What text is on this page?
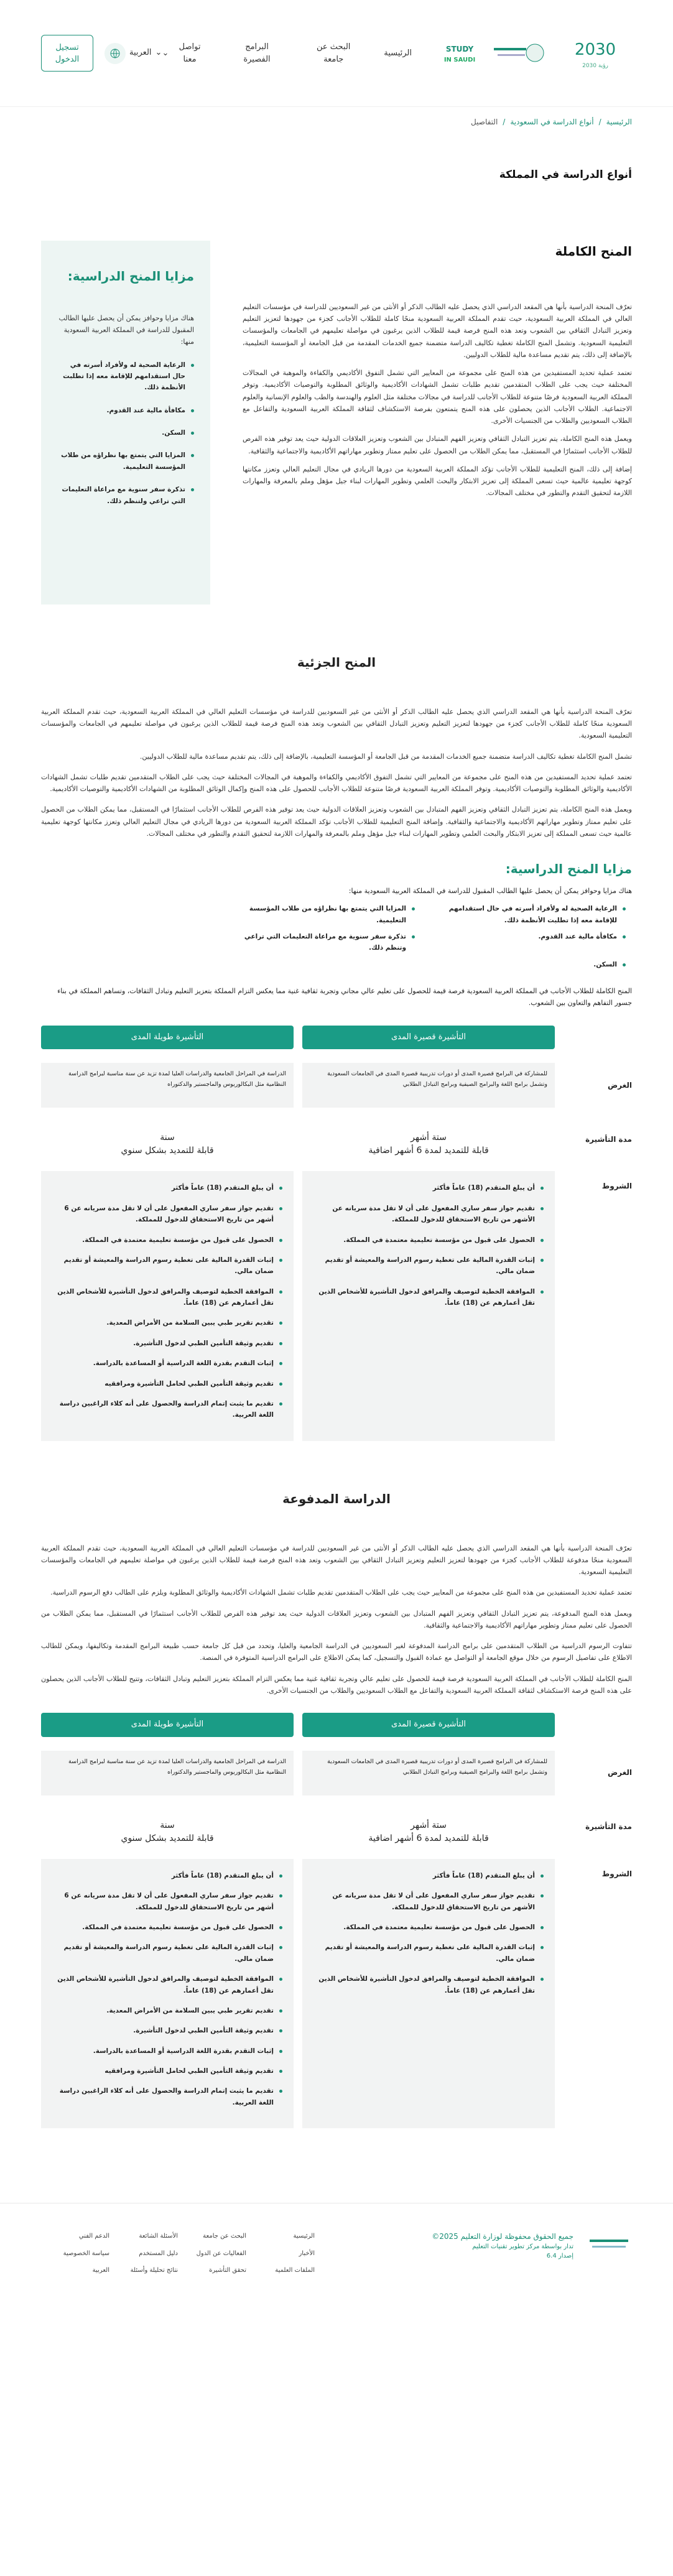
2030
رؤية 2030
STUDY
IN SAUDI
الرئيسية
البحث عن جامعة
البرامج الفصيرة
تواصل معنا
⌄
⌄
العربية
تسجيل الدخول
الرئيسية
/
أنواع الدراسة في السعودية
/
التفاصيل
أنواع الدراسة في المملكة
المنح الكاملة

تعرّف المنحة الدراسية بأنها هي المقعد الدراسي الذي يحصل عليه الطالب الذكر أو الأنثى من غير السعوديين للدراسة في مؤسسات التعليم العالي في المملكة العربية السعودية، حيث تقدم المملكة العربية السعودية منحًا كاملة للطلاب الأجانب كجزء من جهودها لتعزيز التعليم وتعزيز التبادل الثقافي بين الشعوب وتعد هذه المنح فرصة قيمة للطلاب الذين يرغبون في مواصلة تعليمهم في الجامعات والمؤسسات التعليمية السعودية. وتشمل المنح الكاملة تغطية تكاليف الدراسة متضمنة جميع الخدمات المقدمة من قبل الجامعة أو المؤسسة التعليمية، بالإضافة إلى ذلك، يتم تقديم مساعدة مالية للطلاب الدوليين.

تعتمد عملية تحديد المستفيدين من هذه المنح على مجموعة من المعايير التي تشمل التفوق الأكاديمي والكفاءة والموهبة في المجالات المختلفة حيث يجب على الطلاب المتقدمين تقديم طلبات تشمل الشهادات الأكاديمية والوثائق المطلوبة والتوصيات الأكاديمية. وتوفر المملكة العربية السعودية فرصًا متنوعة للطلاب الأجانب للدراسة في مجالات مختلفة مثل العلوم والهندسة والطب والعلوم الإنسانية والعلوم الاجتماعية. الطلاب الأجانب الذين يحصلون على هذه المنح يتمتعون بفرصة الاستكشاف لثقافة المملكة العربية السعودية والتفاعل مع الطلاب السعوديين والطلاب من الجنسيات الأخرى.

ويعمل هذه المنح الكاملة، يتم تعزيز التبادل الثقافي وتعزيز الفهم المتبادل بين الشعوب وتعزيز العلاقات الدولية حيث يعد توفير هذه الفرص للطلاب الأجانب استثمارًا في المستقبل، مما يمكن الطلاب من الحصول على تعليم ممتاز وتطوير مهاراتهم الأكاديمية والاجتماعية والثقافية.

إضافة إلى ذلك، المنح التعليمية للطلاب الأجانب تؤكد المملكة العربية السعودية من دورها الريادي في مجال التعليم العالي وتعزز مكانتها كوجهة تعليمية عالمية حيث تسعى المملكة إلى تعزيز الابتكار والبحث العلمي وتطوير المهارات لبناء جيل مؤهل وملم بالمعرفة والمهارات اللازمة لتحقيق التقدم والتطور في مختلف المجالات.

مزايا المنح الدراسية:

هناك مزايا وحوافز يمكن أن يحصل عليها الطالب المقبول للدراسة في المملكة العربية السعودية منها:

الرعاية الصحية له ولأفراد أسرته في حال استقدامهم للإقامة معه إذا تطلبت الأنظمة ذلك.
مكافأة مالية عند القدوم.
السكن.
المزايا التي يتمتع بها نظراؤه من طلاب المؤسسة التعليمية.
تذكرة سفر سنوية مع مراعاة التعليمات التي تراعي ولتنظم ذلك.
المنح الجزئية

تعرّف المنحة الدراسية بأنها هي المقعد الدراسي الذي يحصل عليه الطالب الذكر أو الأنثى من غير السعوديين للدراسة في مؤسسات التعليم العالي في المملكة العربية السعودية، حيث تقدم المملكة العربية السعودية منحًا كاملة للطلاب الأجانب كجزء من جهودها لتعزيز التعليم وتعزيز التبادل الثقافي بين الشعوب وتعد هذه المنح فرصة قيمة للطلاب الذين يرغبون في مواصلة تعليمهم في الجامعات والمؤسسات التعليمية السعودية.

تشمل المنح الكاملة تغطية تكاليف الدراسة متضمنة جميع الخدمات المقدمة من قبل الجامعة أو المؤسسة التعليمية، بالإضافة إلى ذلك، يتم تقديم مساعدة مالية للطلاب الدوليين.

تعتمد عملية تحديد المستفيدين من هذه المنح على مجموعة من المعايير التي تشمل التفوق الأكاديمي والكفاءة والموهبة في المجالات المختلفة حيث يجب على الطلاب المتقدمين تقديم طلبات تشمل الشهادات الأكاديمية والوثائق المطلوبة والتوصيات الأكاديمية. وتوفر المملكة العربية السعودية فرصًا متنوعة للطلاب الأجانب للحصول على هذه المنح وإكمال الوثائق المطلوبة من الشهادات الأكاديمية والتوصيات الأكاديمية.

ويعمل هذه المنح الكاملة، يتم تعزيز التبادل الثقافي وتعزيز الفهم المتبادل بين الشعوب وتعزيز العلاقات الدولية حيث يعد توفير هذه الفرص للطلاب الأجانب استثمارًا في المستقبل، مما يمكن الطلاب من الحصول على تعليم ممتاز وتطوير مهاراتهم الأكاديمية والاجتماعية والثقافية. وإضافة المنح التعليمية للطلاب الأجانب تؤكد المملكة العربية السعودية من دورها الريادي في مجال التعليم العالي وتعزز مكانتها كوجهة تعليمية عالمية حيث تسعى المملكة إلى تعزيز الابتكار والبحث العلمي وتطوير المهارات لبناء جيل مؤهل وملم بالمعرفة والمهارات اللازمة لتحقيق التقدم والتطور في مختلف المجالات.

مزايا المنح الدراسية:

هناك مزايا وحوافز يمكن أن يحصل عليها الطالب المقبول للدراسة في المملكة العربية السعودية منها:

الرعاية الصحية له ولأفراد أسرته في حال استقدامهم للإقامة معه إذا تطلبت الأنظمة ذلك.
المزايا التي يتمتع بها نظراؤه من طلاب المؤسسة التعليمية.
مكافأة مالية عند القدوم.
تذكرة سفر سنوية مع مراعاة التعليمات التي تراعي وتنظم ذلك.
السكن.

المنح الكاملة للطلاب الأجانب في المملكة العربية السعودية فرصة قيمة للحصول على تعليم عالي مجاني وتجربة ثقافية غنية مما يعكس التزام المملكة بتعزيز التعليم وتبادل الثقافات، وتساهم المملكة في بناء جسور التفاهم والتعاون بين الشعوب.

التأشيرة قصيرة المدى
التأشيرة طويلة المدى
الغرض
للمشاركة في البرامج قصيرة المدى أو دورات تدريبية قصيرة المدى في الجامعات السعودية وتشمل برامج اللغة والبرامج الصيفية وبرامج التبادل الطلابي
الدراسة في المراحل الجامعية والدراسات العليا لمدة تزيد عن سنة مناسبة لبرامج الدراسة النظامية مثل البكالوريوس والماجستير والدكتوراه
مدة التأشيرة
ستة أشهر
قابلة للتمديد لمدة 6 أشهر اضافية
سنة
قابلة للتمديد بشكل سنوي
الشروط
أن يبلغ المتقدم (18) عاماً فأكثر
تقديم جواز سفر ساري المفعول على أن لا تقل مدة سريانه عن الأشهر من تاريخ الاستحقاق للدخول للمملكة.
الحصول على قبول من مؤسسة تعليمية معتمدة في المملكة.
إثبات القدرة المالية على تغطية رسوم الدراسة والمعيشة أو تقديم ضمان مالي.
الموافقة الخطية لتوصيف والمرافق لدخول التأشيرة للأشخاص الذين تقل أعمارهم عن (18) عاماً.
أن يبلغ المتقدم (18) عاماً فأكثر
تقديم جواز سفر ساري المفعول على أن لا تقل مدة سريانه عن 6 أشهر من تاريخ الاستحقاق للدخول للمملكة.
الحصول على قبول من مؤسسة تعليمية معتمدة في المملكة.
إثبات القدرة المالية على تغطية رسوم الدراسة والمعيشة أو تقديم ضمان مالي.
الموافقة الخطية لتوصيف والمرافق لدخول التأشيرة للأشخاص الذين تقل أعمارهم عن (18) عاماً.
تقديم تقرير طبي يبين السلامة من الأمراض المعدية.
تقديم وثيقة التأمين الطبي لدخول التأشيرة.
إثبات التقدم بقدرة اللغة الدراسية أو المساعدة بالدراسة.
تقديم وثيقة التأمين الطبي لحامل التأشيرة ومرافقيه
تقديم ما يثبت إتمام الدراسة والحصول على أنه كلاء الراغبين دراسة اللغة العربية.
الدراسة المدفوعة

تعرّف المنحة الدراسية بأنها هي المقعد الدراسي الذي يحصل عليه الطالب الذكر أو الأنثى من غير السعوديين للدراسة في مؤسسات التعليم العالي في المملكة العربية السعودية، حيث تقدم المملكة العربية السعودية منحًا مدفوعة للطلاب الأجانب كجزء من جهودها لتعزيز التعليم وتعزيز التبادل الثقافي بين الشعوب وتعد هذه المنح فرصة قيمة للطلاب الذين يرغبون في مواصلة تعليمهم في الجامعات والمؤسسات التعليمية السعودية.

تعتمد عملية تحديد المستفيدين من هذه المنح على مجموعة من المعايير حيث يجب على الطلاب المتقدمين تقديم طلبات تشمل الشهادات الأكاديمية والوثائق المطلوبة ويلزم على الطالب دفع الرسوم الدراسية.

ويعمل هذه المنح المدفوعة، يتم تعزيز التبادل الثقافي وتعزيز الفهم المتبادل بين الشعوب وتعزيز العلاقات الدولية حيث يعد توفير هذه الفرص للطلاب الأجانب استثمارًا في المستقبل، مما يمكن الطلاب من الحصول على تعليم ممتاز وتطوير مهاراتهم الأكاديمية والاجتماعية والثقافية.

تتفاوت الرسوم الدراسية من الطلاب المتقدمين على برامج الدراسة المدفوعة لغير السعوديين في الدراسة الجامعية والعليا، وتحدد من قبل كل جامعة حسب طبيعة البرامج المقدمة وتكاليفها، ويمكن للطالب الاطلاع على تفاصيل الرسوم من خلال موقع الجامعة أو التواصل مع عمادة القبول والتسجيل، كما يمكن الاطلاع على البرامج الدراسية المتوفرة في المنصة.

المنح الكاملة للطلاب الأجانب في المملكة العربية السعودية فرصة قيمة للحصول على تعليم عالي وتجربة ثقافية غنية مما يعكس التزام المملكة بتعزيز التعليم وتبادل الثقافات، وتتيح للطلاب الأجانب الذين يحصلون على هذه المنح فرصة الاستكشاف لثقافة المملكة العربية السعودية والتفاعل مع الطلاب السعوديين والطلاب من الجنسيات الأخرى.

التأشيرة قصيرة المدى
التأشيرة طويلة المدى
الغرض
للمشاركة في البرامج قصيرة المدى أو دورات تدريبية قصيرة المدى في الجامعات السعودية وتشمل برامج اللغة والبرامج الصيفية وبرامج التبادل الطلابي
الدراسة في المراحل الجامعية والدراسات العليا لمدة تزيد عن سنة مناسبة لبرامج الدراسة النظامية مثل البكالوريوس والماجستير والدكتوراه
مدة التأشيرة
ستة أشهر
قابلة للتمديد لمدة 6 أشهر اضافية
سنة
قابلة للتمديد بشكل سنوي
الشروط
أن يبلغ المتقدم (18) عاماً فأكثر
تقديم جواز سفر ساري المفعول على أن لا تقل مدة سريانه عن الأشهر من تاريخ الاستحقاق للدخول للمملكة.
الحصول على قبول من مؤسسة تعليمية معتمدة في المملكة.
إثبات القدرة المالية على تغطية رسوم الدراسة والمعيشة أو تقديم ضمان مالي.
الموافقة الخطية لتوصيف والمرافق لدخول التأشيرة للأشخاص الذين تقل أعمارهم عن (18) عاماً.
أن يبلغ المتقدم (18) عاماً فأكثر
تقديم جواز سفر ساري المفعول على أن لا تقل مدة سريانه عن 6 أشهر من تاريخ الاستحقاق للدخول للمملكة.
الحصول على قبول من مؤسسة تعليمية معتمدة في المملكة.
إثبات القدرة المالية على تغطية رسوم الدراسة والمعيشة أو تقديم ضمان مالي.
الموافقة الخطية لتوصيف والمرافق لدخول التأشيرة للأشخاص الذين تقل أعمارهم عن (18) عاماً.
تقديم تقرير طبي يبين السلامة من الأمراض المعدية.
تقديم وثيقة التأمين الطبي لدخول التأشيرة.
إثبات التقدم بقدرة اللغة الدراسية أو المساعدة بالدراسة.
تقديم وثيقة التأمين الطبي لحامل التأشيرة ومرافقيه
تقديم ما يثبت إتمام الدراسة والحصول على أنه كلاء الراغبين دراسة اللغة العربية.
جميع الحقوق محفوظة لوزارة التعليم 2025©
تدار بواسطة مركز تطوير تقنيات التعليم
إصدار 6.4
الرئيسية
البحث عن جامعة
الأسئلة الشائعة
الدعم الفني
الأخبار
الفعاليات عن الدول
دليل المستخدم
سياسة الخصوصية
الملفات العلمية
تحقق التأشيرة
نتائج تحليلة وأسئلة
العربية
